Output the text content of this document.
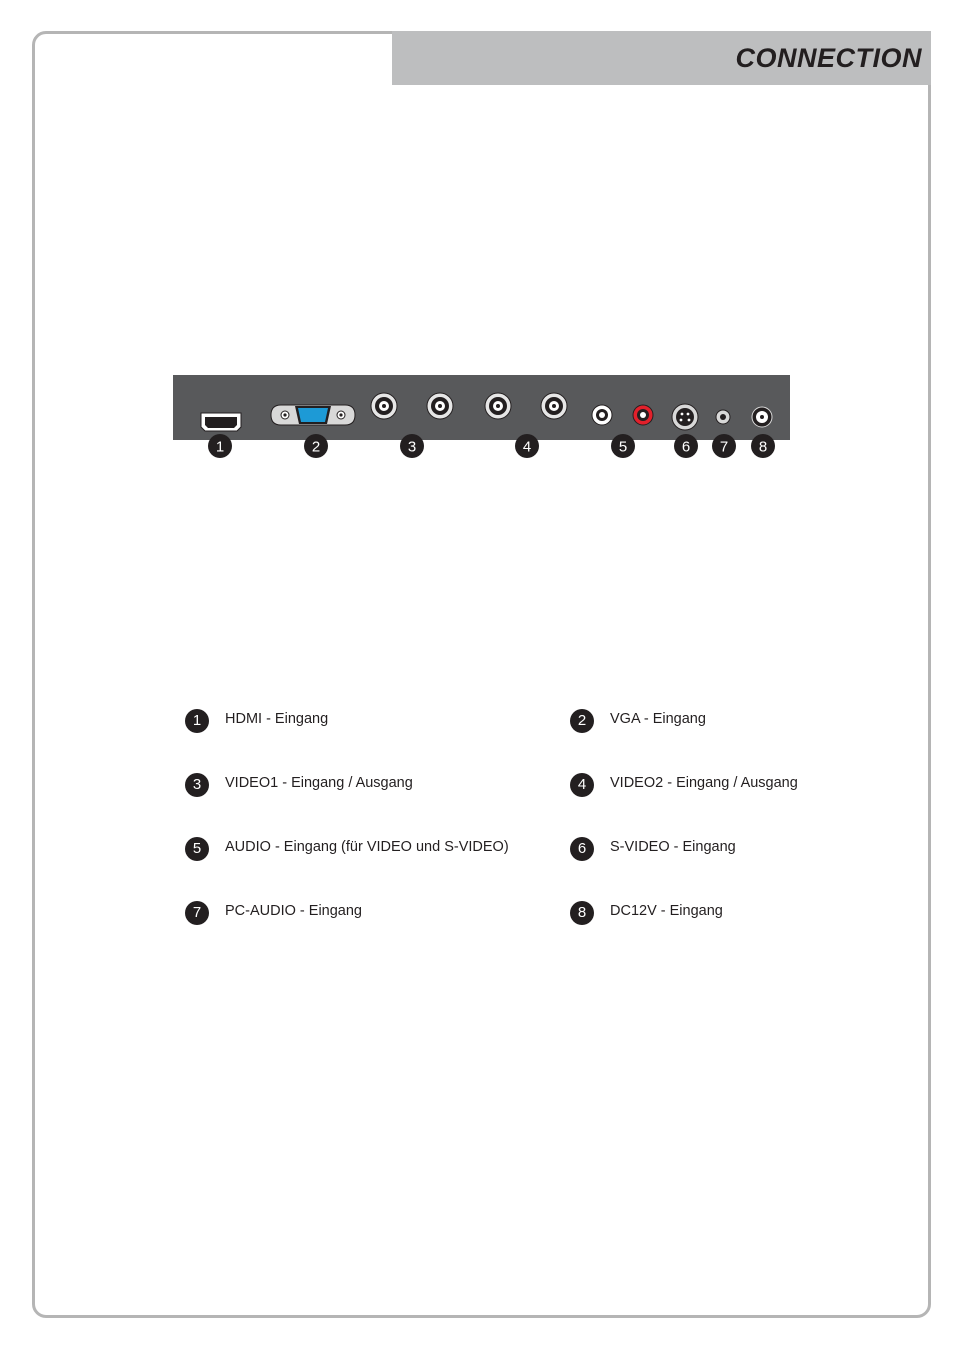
CONNECTION
1	2	3	4	5	6 7 8
1	HDMI - Eingang	2	VGA - Eingang
3	VIDEO1 - Eingang / Ausgang	4	VIDEO2 - Eingang / Ausgang
5	AUDIO - Eingang (für VIDEO und S-VIDEO)	6	S-VIDEO - Eingang
7	PC-AUDIO - Eingang	8	DC12V - Eingang
